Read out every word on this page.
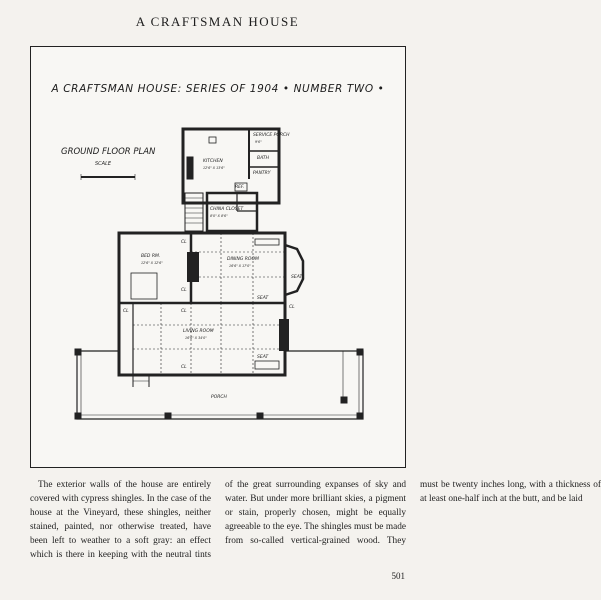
A CRAFTSMAN HOUSE
A CRAFTSMAN HOUSE: SERIES OF 1904 • NUMBER TWO •
GROUND FLOOR PLAN
SCALE
SERVICE PORCH
9'6"
KITCHEN
12'6" X 13'6"
BATH
PANTRY
CHINA CLOSET
8'0" X 8'6"
REF.
BED RM.
12'6" X 12'6"
DINING ROOM
16'6" X 17'0"
SEAT
LIVING ROOM
16'6" X 34'0"
PORCH
CL
CL
CL	CL
CL
CL
SEAT
SEAT

The exterior walls of the house are entirely covered with cypress shingles. In the case of the house at the Vineyard, these shingles, neither stained, painted, nor otherwise treated, have been left to weather to a soft gray: an effect which is there in keeping with the neutral tints of the great surrounding expanses of sky and water. But under more brilliant skies, a pigment or stain, properly chosen, might be equally agreeable to the eye. The shingles must be made from so-called vertical-grained wood. They must be twenty inches long, with a thickness of at least one-half inch at the butt, and be laid

501
